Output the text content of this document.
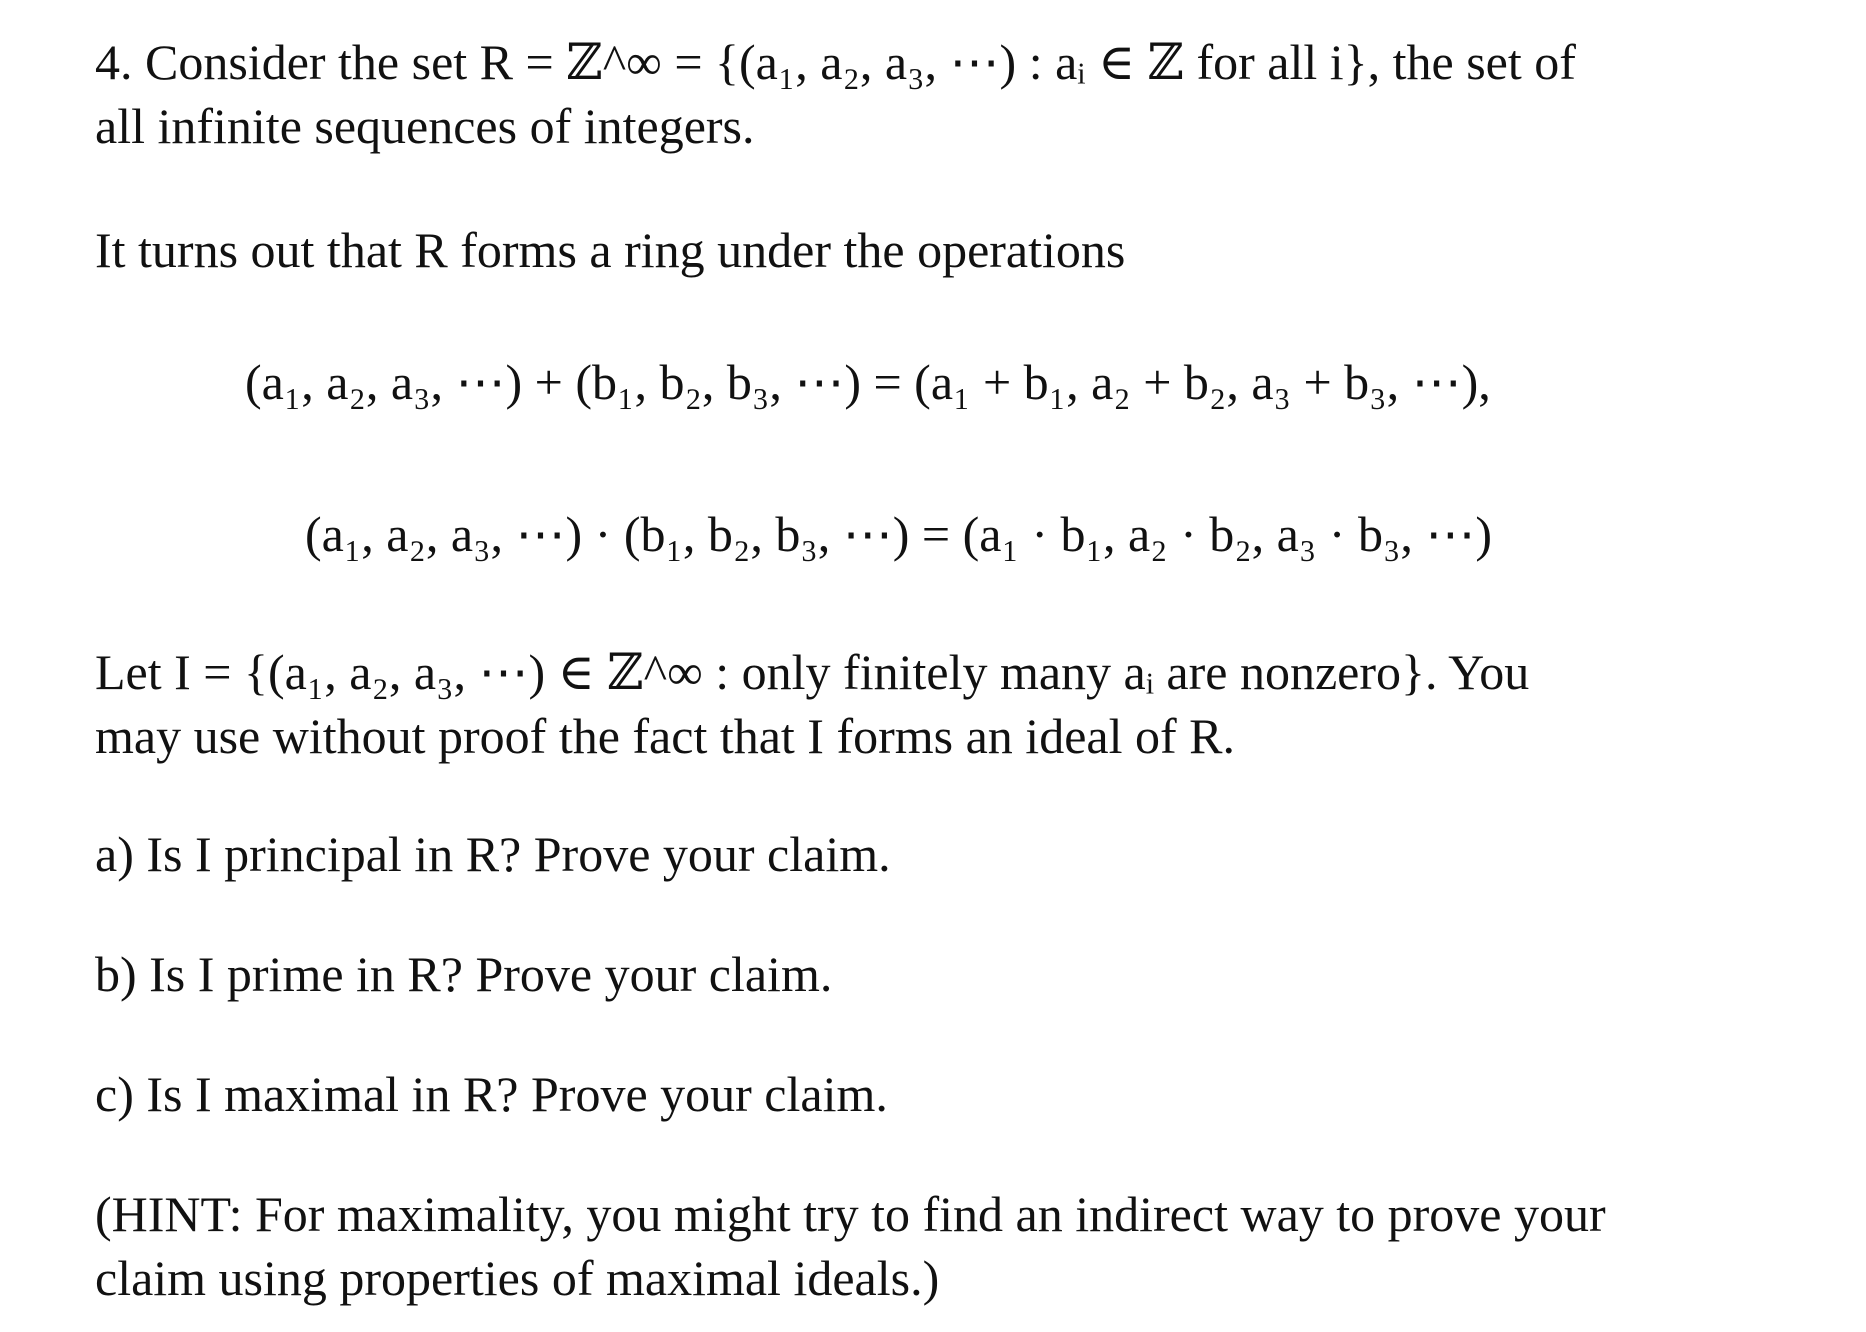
4. Consider the set R = ℤ^∞ = {(a₁, a₂, a₃, ⋯) : aᵢ ∈ ℤ for all i}, the set of
all infinite sequences of integers.
It turns out that R forms a ring under the operations
(a₁, a₂, a₃, ⋯) + (b₁, b₂, b₃, ⋯) = (a₁ + b₁, a₂ + b₂, a₃ + b₃, ⋯),
(a₁, a₂, a₃, ⋯) · (b₁, b₂, b₃, ⋯) = (a₁ · b₁, a₂ · b₂, a₃ · b₃, ⋯)
Let I = {(a₁, a₂, a₃, ⋯) ∈ ℤ^∞ : only finitely many aᵢ are nonzero}. You
may use without proof the fact that I forms an ideal of R.
a) Is I principal in R? Prove your claim.
b) Is I prime in R? Prove your claim.
c) Is I maximal in R? Prove your claim.
(HINT: For maximality, you might try to find an indirect way to prove your
claim using properties of maximal ideals.)
